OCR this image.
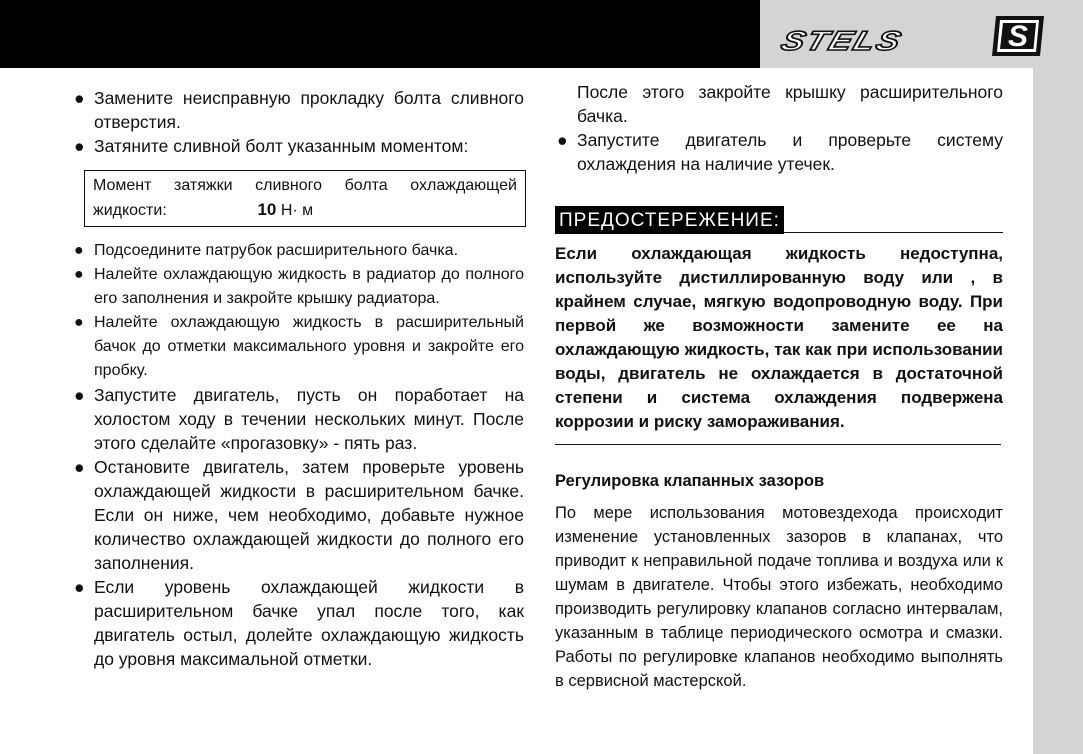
STELS	S
● Замените неисправную прокладку болта сливного отверстия.
● Затяните сливной болт указанным моментом:
Момент затяжки сливного болта охлаждающей
жидкости:	10 Н· м
● Подсоедините патрубок расширительного бачка.
● Налейте охлаждающую жидкость в радиатор до полного его заполнения и закройте крышку радиатора.
● Налейте охлаждающую жидкость в расширительный бачок до отметки максимального уровня и закройте его пробку.
● Запустите двигатель, пусть он поработает на холостом ходу в течении нескольких минут. После этого сделайте «прогазовку» - пять раз.
● Остановите двигатель, затем проверьте уровень охлаждающей жидкости в расширительном бачке. Если он ниже, чем необходимо, добавьте нужное количество охлаждающей жидкости до полного его заполнения.
● Если уровень охлаждающей жидкости в расширительном бачке упал после того, как двигатель остыл, долейте охлаждающую жидкость до уровня максимальной отметки.
После этого закройте крышку расширительного бачка.
● Запустите двигатель и проверьте систему охлаждения на наличие утечек.
ПРЕДОСТЕРЕЖЕНИЕ:
Если охлаждающая жидкость недоступна, используйте дистиллированную воду или , в крайнем случае, мягкую водопроводную воду. При первой же возможности замените ее на охлаждающую жидкость, так как при использовании воды, двигатель не охлаждается в достаточной степени и система охлаждения подвержена коррозии и риску замораживания.
Регулировка клапанных зазоров
По мере использования мотовездехода происходит изменение установленных зазоров в клапанах, что приводит к неправильной подаче топлива и воздуха или к шумам в двигателе. Чтобы этого избежать, необходимо производить регулировку клапанов согласно интервалам, указанным в таблице периодического осмотра и смазки. Работы по регулировке клапанов необходимо выполнять в сервисной мастерской.
